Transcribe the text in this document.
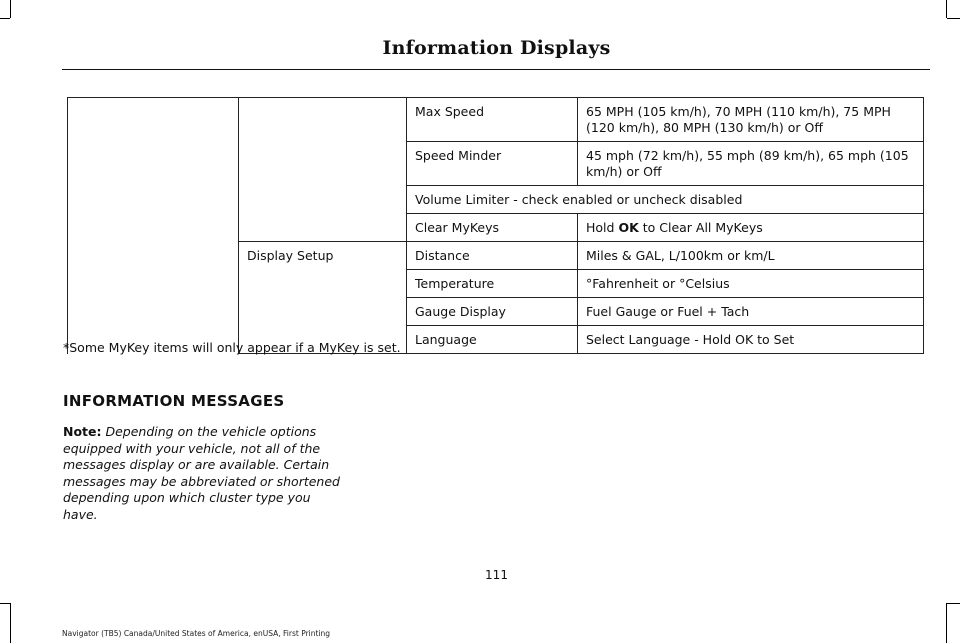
Information Displays
		Max Speed	65 MPH (105 km/h), 70 MPH (110 km/h), 75 MPH (120 km/h), 80 MPH (130 km/h) or Off
		Speed Minder	45 mph (72 km/h), 55 mph (89 km/h), 65 mph (105 km/h) or Off
		Volume Limiter - check enabled or uncheck disabled	
		Clear MyKeys	Hold OK to Clear All MyKeys
	Display Setup	Distance	Miles & GAL, L/100km or km/L
		Temperature	°Fahrenheit or °Celsius
		Gauge Display	Fuel Gauge or Fuel + Tach
		Language	Select Language - Hold OK to Set
*Some MyKey items will only appear if a MyKey is set.
INFORMATION MESSAGES
Note: Depending on the vehicle options equipped with your vehicle, not all of the messages display or are available. Certain messages may be abbreviated or shortened depending upon which cluster type you have.
111
Navigator (TB5) Canada/United States of America, enUSA, First Printing
